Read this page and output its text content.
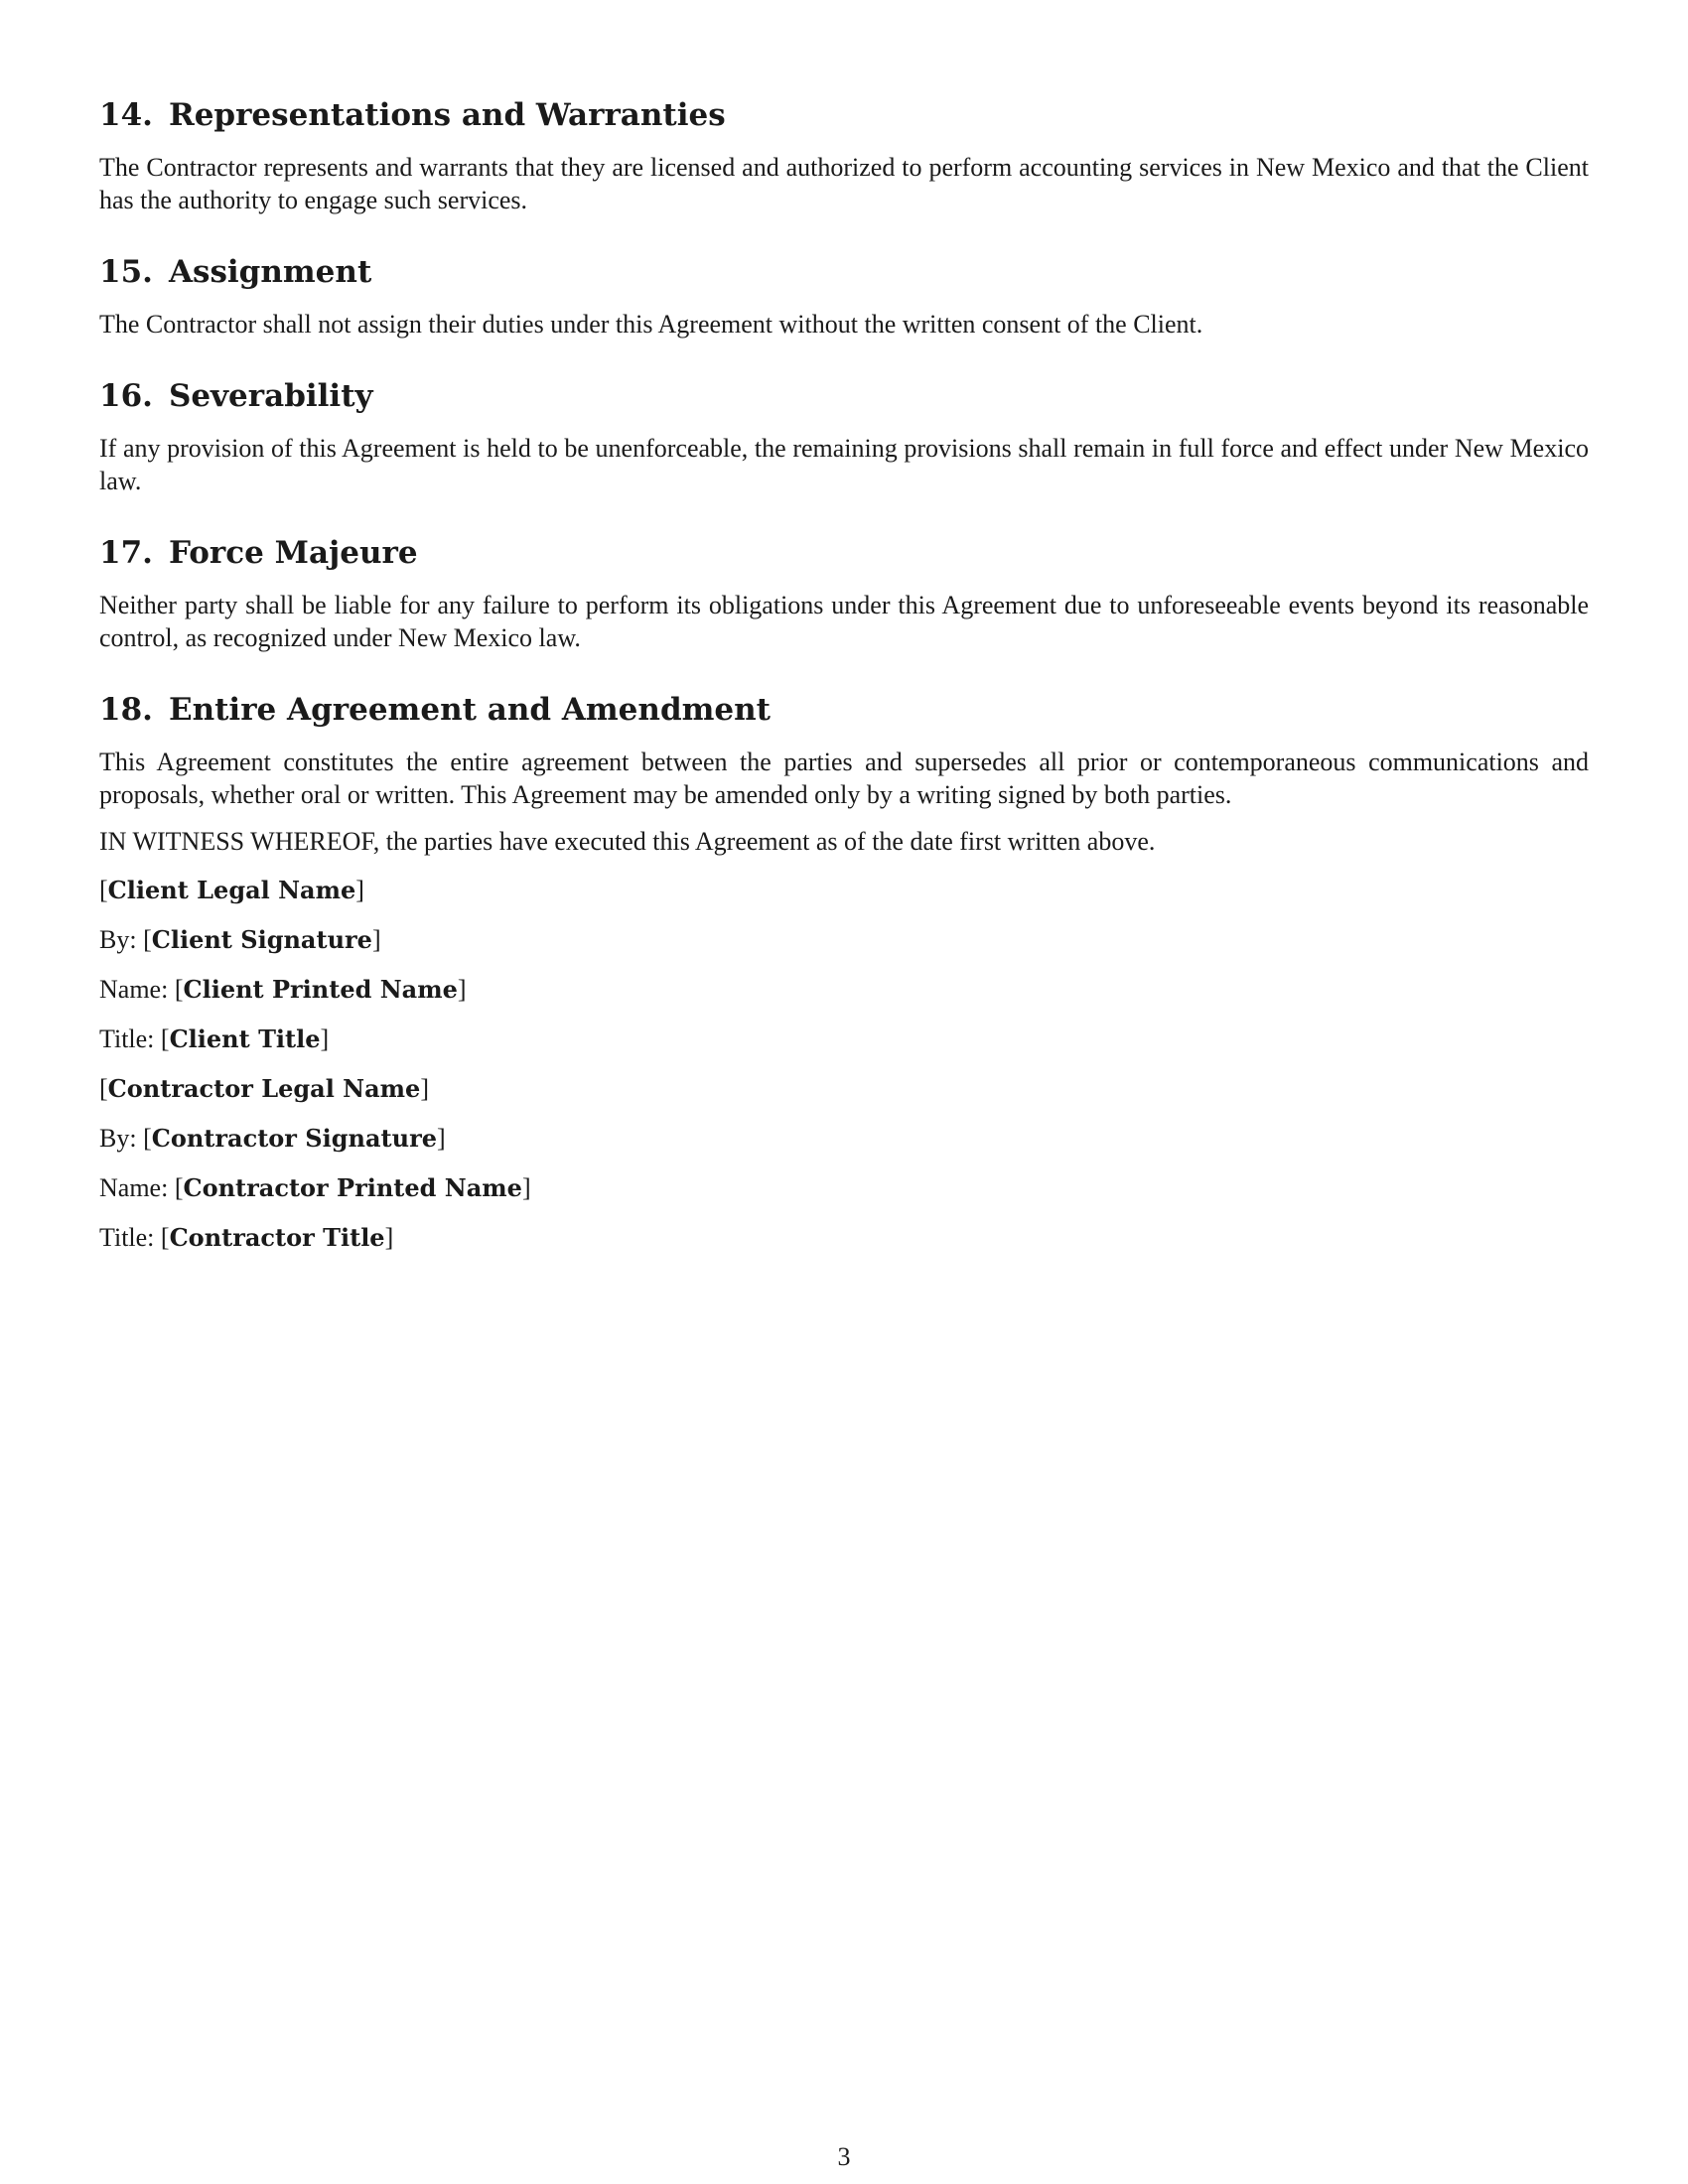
14. Representations and Warranties

The Contractor represents and warrants that they are licensed and authorized to perform accounting services in New Mexico and that the Client has the authority to engage such services.

15. Assignment

The Contractor shall not assign their duties under this Agreement without the written consent of the Client.

16. Severability

If any provision of this Agreement is held to be unenforceable, the remaining provisions shall remain in full force and effect under New Mexico law.

17. Force Majeure

Neither party shall be liable for any failure to perform its obligations under this Agreement due to unforeseeable events beyond its reasonable control, as recognized under New Mexico law.

18. Entire Agreement and Amendment

This Agreement constitutes the entire agreement between the parties and supersedes all prior or contemporaneous communications and proposals, whether oral or written. This Agreement may be amended only by a writing signed by both parties.

IN WITNESS WHEREOF, the parties have executed this Agreement as of the date first written above.

[Client Legal Name]
By: [Client Signature]
Name: [Client Printed Name]
Title: [Client Title]
[Contractor Legal Name]
By: [Contractor Signature]
Name: [Contractor Printed Name]
Title: [Contractor Title]
3
